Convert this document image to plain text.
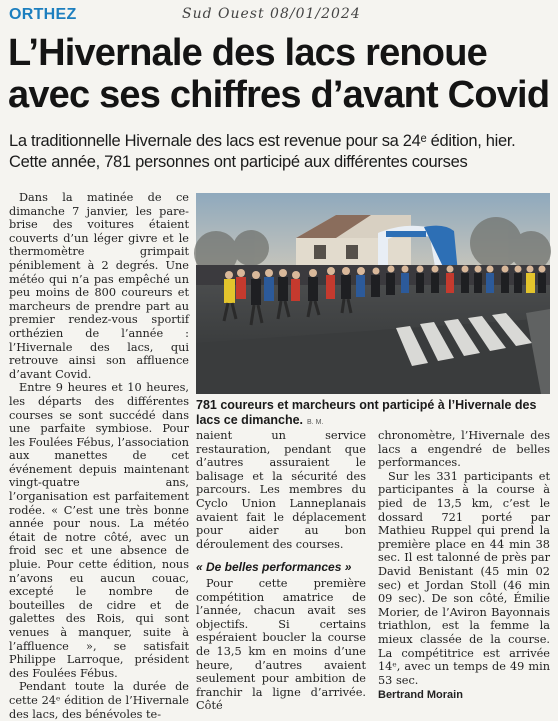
ORTHEZ	Sud Ouest 08/01/2024
L’Hivernale des lacs renoue
avec ses chiffres d’avant Covid
La traditionnelle Hivernale des lacs est revenue pour sa 24ᵉ édition, hier. Cette année, 781 personnes ont participé aux différentes courses

Dans la matinée de ce dimanche 7 janvier, les pare-brise des voitures étaient couverts d’un léger givre et le thermomètre grimpait péniblement à 2 degrés. Une météo qui n’a pas empêché un peu moins de 800 coureurs et marcheurs de prendre part au premier rendez-vous sportif orthézien de l’année : l’Hivernale des lacs, qui retrouve ainsi son affluence d’avant Covid.

Entre 9 heures et 10 heures, les départs des différentes courses se sont succédé dans une parfaite symbiose. Pour les Foulées Fébus, l’association aux manettes de cet événement depuis maintenant vingt-quatre ans, l’organisation est parfaitement rodée. « C’est une très bonne année pour nous. La météo était de notre côté, avec un froid sec et une absence de pluie. Pour cette édition, nous n’avons eu aucun couac, excepté le nombre de bouteilles de cidre et de galettes des Rois, qui sont venues à manquer, suite à l’affluence », se satisfait Philippe Larroque, président des Foulées Fébus.

Pendant toute la durée de cette 24ᵉ édition de l’Hivernale des lacs, des bénévoles te-

781 coureurs et marcheurs ont participé à l’Hivernale des lacs ce dimanche. B. M.

naient un service restauration, pendant que d’autres assuraient le balisage et la sécurité des parcours. Les membres du Cyclo Union Lanneplanais avaient fait le déplacement pour aider au bon déroulement des courses.

« De belles performances »

Pour cette première compétition amatrice de l’année, chacun avait ses objectifs. Si certains espéraient boucler la course de 13,5 km en moins d’une heure, d’autres avaient seulement pour ambition de franchir la ligne d’arrivée. Côté

chronomètre, l’Hivernale des lacs a engendré de belles performances.

Sur les 331 participants et participantes à la course à pied de 13,5 km, c’est le dossard 721 porté par Mathieu Ruppel qui prend la première place en 44 min 38 sec. Il est talonné de près par David Benistant (45 min 02 sec) et Jordan Stoll (46 min 09 sec). De son côté, Émilie Morier, de l’Aviron Bayonnais triathlon, est la femme la mieux classée de la course. La compétitrice est arrivée 14ᵉ, avec un temps de 49 min 53 sec.

Bertrand Morain
